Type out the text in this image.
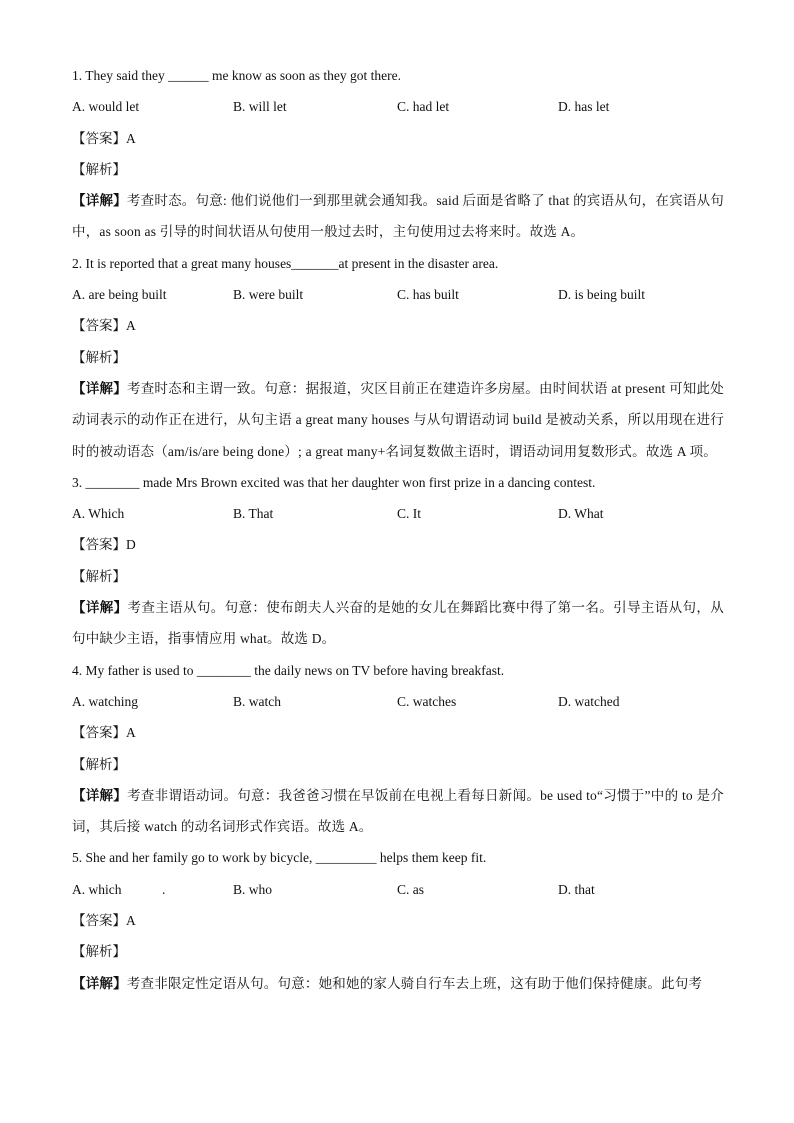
1. They said they ______ me know as soon as they got there.
A. would let	B. will let	C. had let	D. has let
【答案】A
【解析】
【详解】考查时态。句意: 他们说他们一到那里就会通知我。said 后面是省略了 that 的宾语从句，在宾语从句中，as soon as 引导的时间状语从句使用一般过去时，主句使用过去将来时。故选 A。
2. It is reported that a great many houses_______at present in the disaster area.
A. are being built	B. were built	C. has built	D. is being built
【答案】A
【解析】
【详解】考查时态和主谓一致。句意：据报道，灾区目前正在建造许多房屋。由时间状语 at present 可知此处动词表示的动作正在进行，从句主语 a great many houses 与从句谓语动词 build 是被动关系，所以用现在进行时的被动语态（am/is/are being done）; a great many+名词复数做主语时，谓语动词用复数形式。故选 A 项。
3. ________ made Mrs Brown excited was that her daughter won first prize in a dancing contest.
A. Which	B. That	C. It	D. What
【答案】D
【解析】
【详解】考查主语从句。句意：使布朗夫人兴奋的是她的女儿在舞蹈比赛中得了第一名。引导主语从句，从句中缺少主语，指事情应用 what。故选 D。
4. My father is used to ________ the daily news on TV before having breakfast.
A. watching	B. watch	C. watches	D. watched
【答案】A
【解析】
【详解】考查非谓语动词。句意：我爸爸习惯在早饭前在电视上看每日新闻。be used to“习惯于”中的 to 是介词，其后接 watch 的动名词形式作宾语。故选 A。
5. She and her family go to work by bicycle, _________ helps them keep fit.
A. which            .	B. who	C. as	D. that
【答案】A
【解析】
【详解】考查非限定性定语从句。句意：她和她的家人骑自行车去上班，这有助于他们保持健康。此句考
